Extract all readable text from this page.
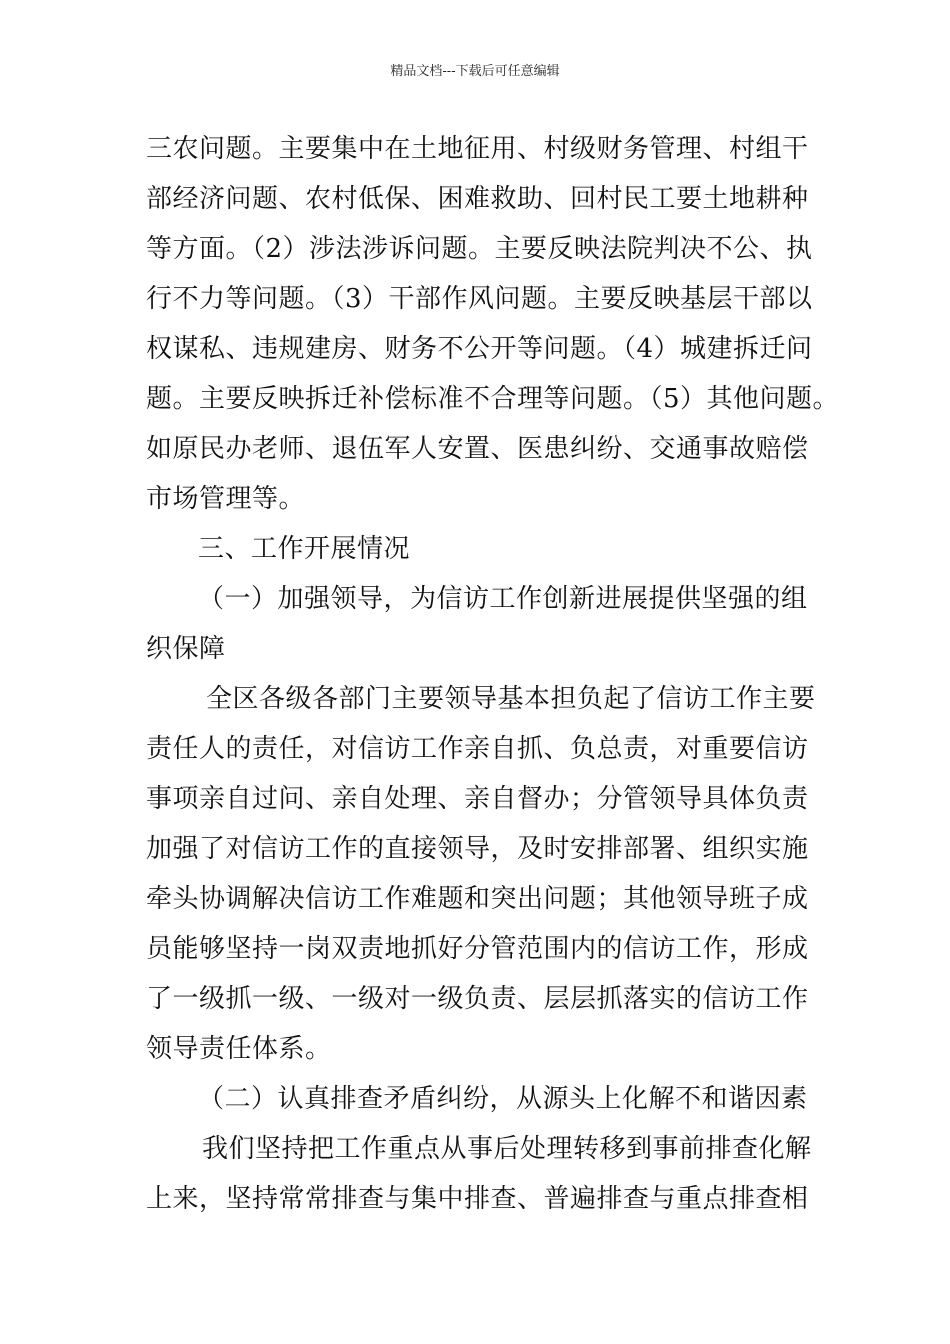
精品文档---下载后可任意编辑
三农问题。主要集中在土地征用、村级财务管理、村组干
部经济问题、农村低保、困难救助、回村民工要土地耕种
等方面。（2）涉法涉诉问题。主要反映法院判决不公、执
行不力等问题。（3）干部作风问题。主要反映基层干部以
权谋私、违规建房、财务不公开等问题。（4）城建拆迁问
题。主要反映拆迁补偿标准不合理等问题。（5）其他问题。
如原民办老师、退伍军人安置、医患纠纷、交通事故赔偿
市场管理等。
三、工作开展情况
（一）加强领导，为信访工作创新进展提供坚强的组
织保障
全区各级各部门主要领导基本担负起了信访工作主要
责任人的责任，对信访工作亲自抓、负总责，对重要信访
事项亲自过问、亲自处理、亲自督办；分管领导具体负责
加强了对信访工作的直接领导，及时安排部署、组织实施
牵头协调解决信访工作难题和突出问题；其他领导班子成
员能够坚持一岗双责地抓好分管范围内的信访工作，形成
了一级抓一级、一级对一级负责、层层抓落实的信访工作
领导责任体系。
（二）认真排查矛盾纠纷，从源头上化解不和谐因素
我们坚持把工作重点从事后处理转移到事前排查化解
上来，坚持常常排查与集中排查、普遍排查与重点排查相
